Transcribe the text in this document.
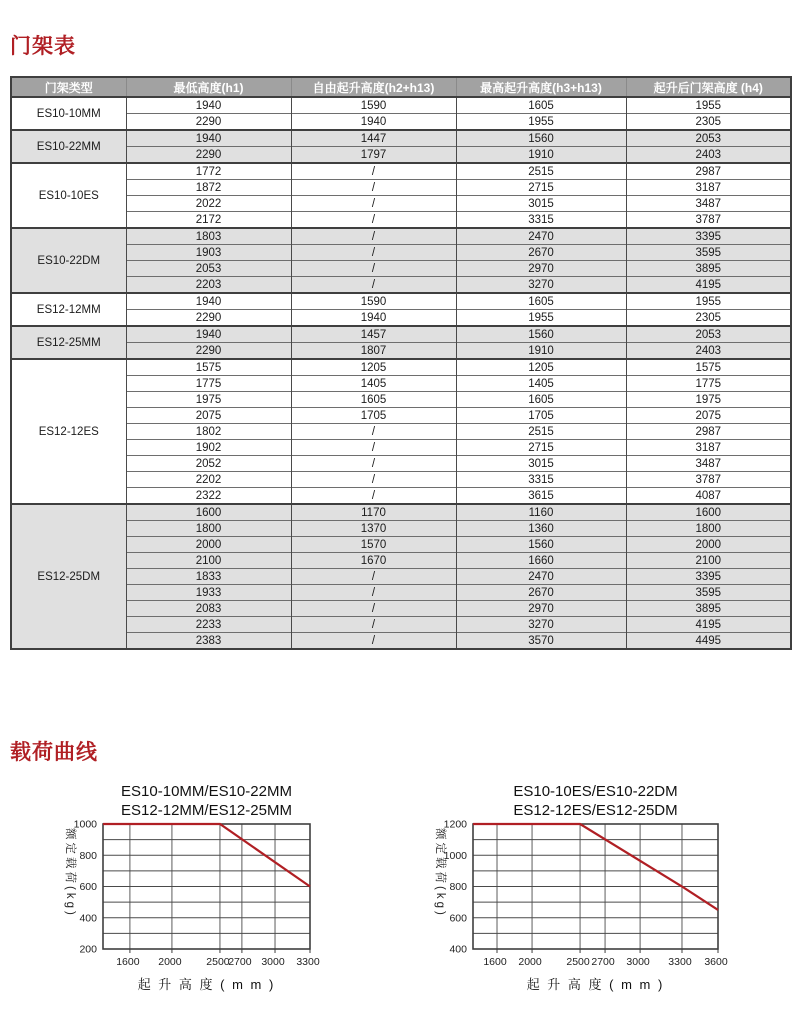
门架表
门架类型	最低高度(h1)	自由起升高度(h2+h13)	最高起升高度(h3+h13)	起升后门架高度 (h4)
ES10-10MM	1940	1590	1605	1955
	2290	1940	1955	2305
ES10-22MM	1940	1447	1560	2053
	2290	1797	1910	2403
ES10-10ES	1772	/	2515	2987
	1872	/	2715	3187
	2022	/	3015	3487
	2172	/	3315	3787
ES10-22DM	1803	/	2470	3395
	1903	/	2670	3595
	2053	/	2970	3895
	2203	/	3270	4195
ES12-12MM	1940	1590	1605	1955
	2290	1940	1955	2305
ES12-25MM	1940	1457	1560	2053
	2290	1807	1910	2403
ES12-12ES	1575	1205	1205	1575
	1775	1405	1405	1775
	1975	1605	1605	1975
	2075	1705	1705	2075
	1802	/	2515	2987
	1902	/	2715	3187
	2052	/	3015	3487
	2202	/	3315	3787
	2322	/	3615	4087
ES12-25DM	1600	1170	1160	1600
	1800	1370	1360	1800
	2000	1570	1560	2000
	2100	1670	1660	2100
	1833	/	2470	3395
	1933	/	2670	3595
	2083	/	2970	3895
	2233	/	3270	4195
	2383	/	3570	4495
载荷曲线
ES10-10MM/ES10-22MM
ES12-12MM/ES12-25MM
1000
800
600
400
200
1600 2000 2500
2700 3000 3300
额定载荷(kg)
起 升 高 度 ( m m )
ES10-10ES/ES10-22DM
ES12-12ES/ES12-25DM
1200
1000
800
600
400
1600 2000 2500 2700 3000 3300 3600
额定载荷(kg)
起 升 高 度 ( m m )
